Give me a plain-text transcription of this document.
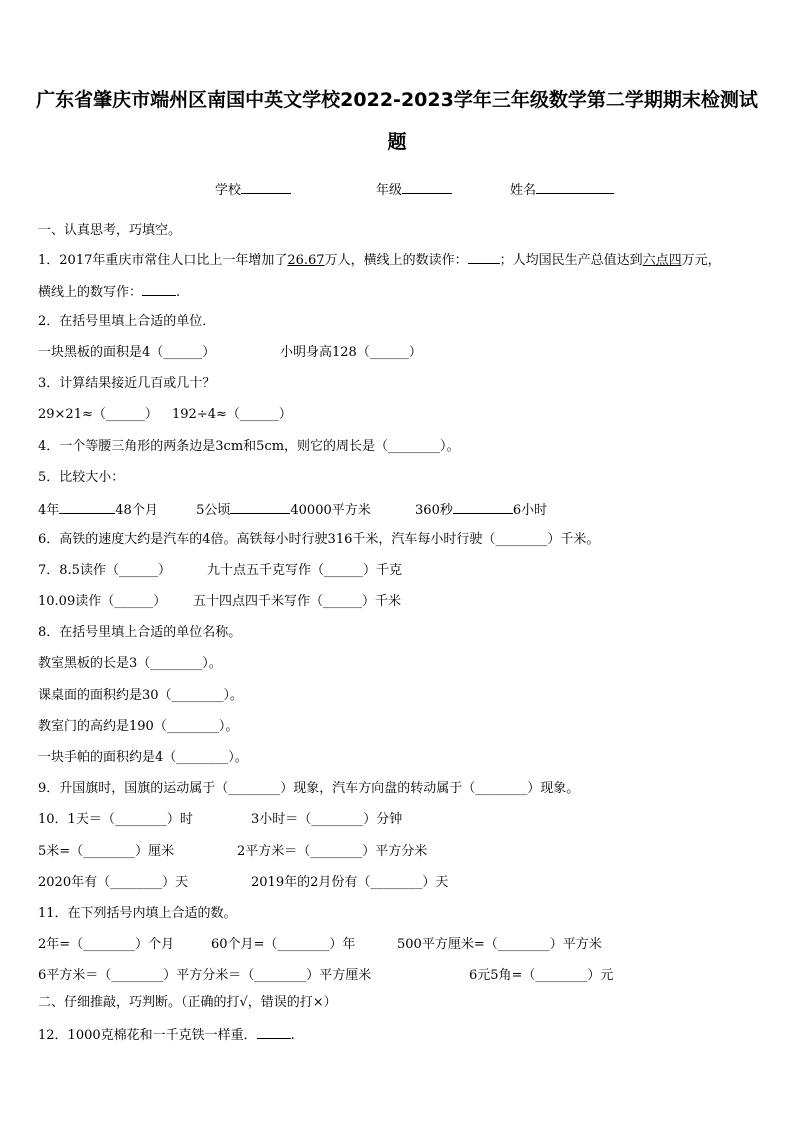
广东省肇庆市端州区南国中英文学校2022-2023学年三年级数学第二学期期末检测试
题
学校	年级	姓名
一、认真思考，巧填空。
1．2017年重庆市常住人口比上一年增加了26.67万人，横线上的数读作： ；人均国民生产总值达到六点四万元，
横线上的数写作：	.
2．在括号里填上合适的单位．
一块黑板的面积是4（______）	小明身高128（______）
3．计算结果接近几百或几十？
29×21≈（______） 192÷4≈（______）
4．一个等腰三角形的两条边是3cm和5cm，则它的周长是（________）。
5．比较大小：
4年	48个月	5公顷	40000平方米	360秒	6小时
6．高铁的速度大约是汽车的4倍。高铁每小时行驶316千米，汽车每小时行驶（________）千米。
7．8.5读作（______）	九十点五千克写作（______）千克
10.09读作（______） 五十四点四千米写作（______）千米
8．在括号里填上合适的单位名称。
教室黑板的长是3（________）。
课桌面的面积约是30（________）。
教室门的高约是190（________）。
一块手帕的面积约是4（________）。
9．升国旗时，国旗的运动属于（________）现象，汽车方向盘的转动属于（________）现象。
10．1天＝（________）时	3小时＝（________）分钟
5米=（________）厘米	2平方米＝（________）平方分米
2020年有（________）天	2019年的2月份有（________）天
11．在下列括号内填上合适的数。
2年=（________）个月	60个月=（________）年	500平方厘米=（________）平方米
6平方米＝（________）平方分米＝（________）平方厘米	6元5角=（________）元
二、仔细推敲，巧判断。（正确的打√，错误的打×）
12．1000克棉花和一千克铁一样重．	.
